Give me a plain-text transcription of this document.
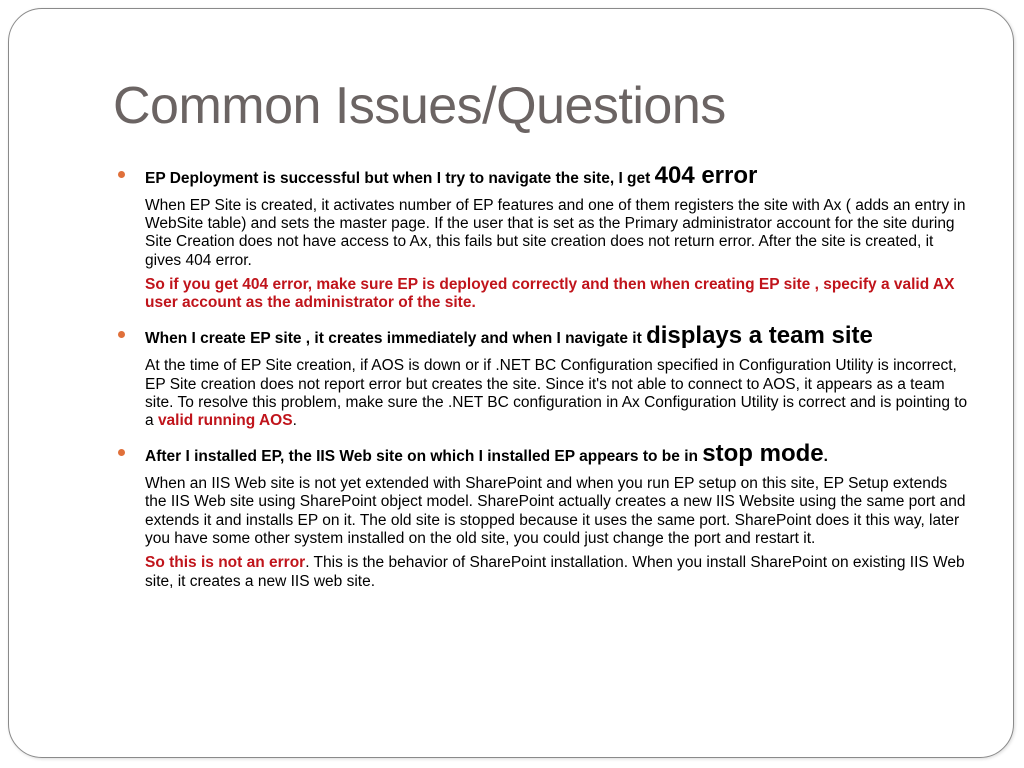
Common Issues/Questions
EP Deployment is successful but when I try to navigate the site, I get 404 error
When EP Site is created, it activates number of EP features and one of them registers the site with Ax ( adds an entry in WebSite table) and sets the master page. If the user that is set as the Primary administrator account for the site during Site Creation does not have access to Ax, this fails but site creation does not return error. After the site is created, it gives 404 error.
So if you get 404 error, make sure EP is deployed correctly and then when creating EP site , specify a valid AX user account as the administrator of the site.
When I create EP site , it creates immediately and when I navigate it displays a team site
At the time of EP Site creation, if AOS is down or if .NET BC Configuration specified in Configuration Utility is incorrect, EP Site creation does not report error but creates the site. Since it's not able to connect to AOS, it appears as a team site. To resolve this problem, make sure the .NET BC configuration in Ax Configuration Utility is correct and is pointing to a valid running AOS.
After I installed EP, the IIS Web site on which I installed EP appears to be in stop mode.
When an IIS Web site is not yet extended with SharePoint and when you run EP setup on this site, EP Setup extends the IIS Web site using SharePoint object model. SharePoint actually creates a new IIS Website using the same port and extends it and installs EP on it. The old site is stopped because it uses the same port. SharePoint does it this way, later you have some other system installed on the old site, you could just change the port and restart it.
So this is not an error. This is the behavior of SharePoint installation. When you install SharePoint on existing IIS Web site, it creates a new IIS web site.
